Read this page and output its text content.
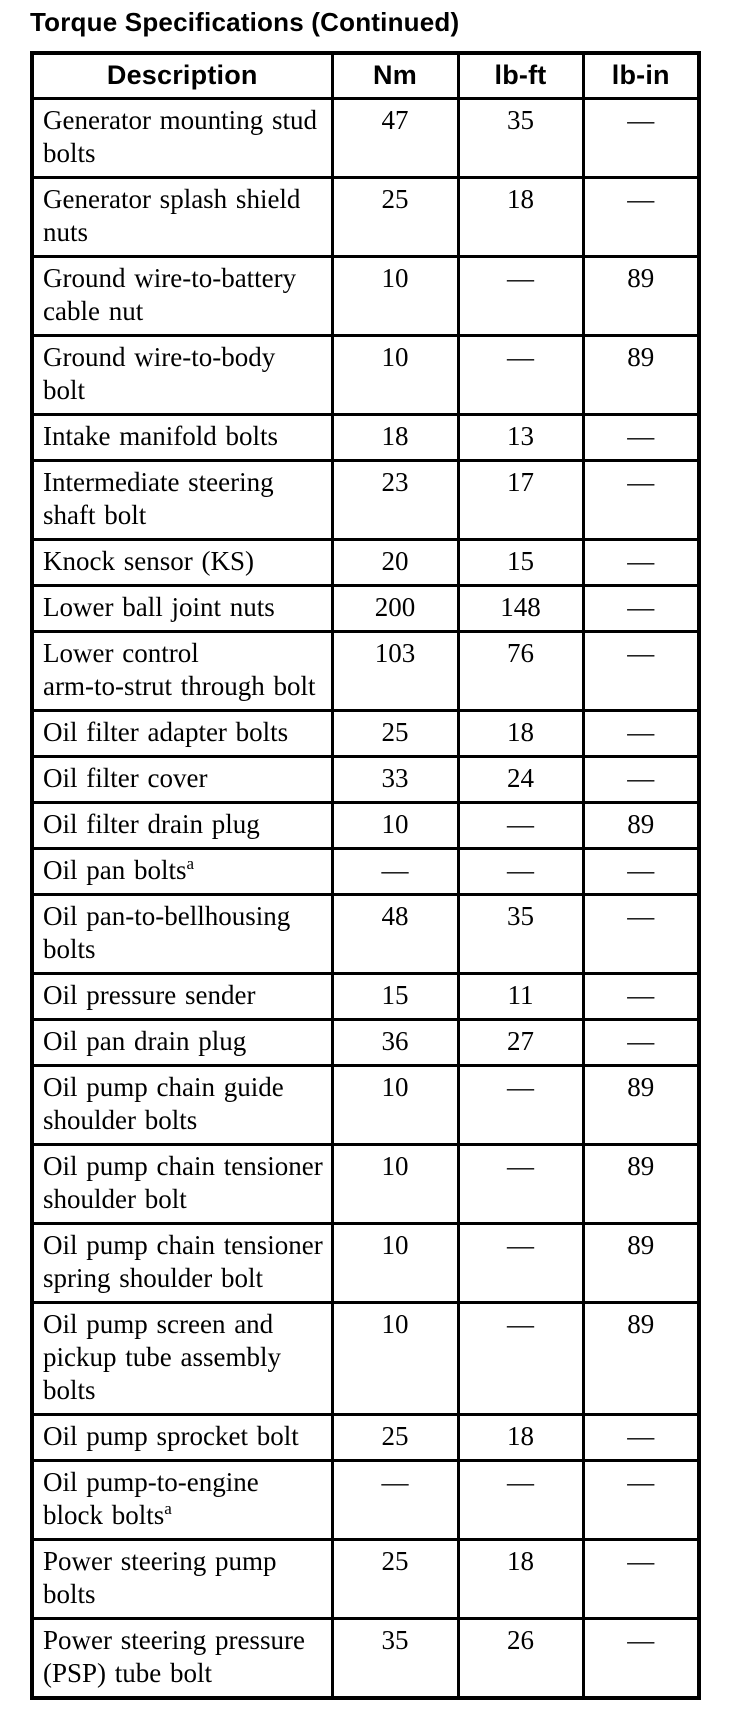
Torque Specifications (Continued)
Description	Nm	lb-ft	lb-in
Generator mounting stud bolts	47	35	—
Generator splash shield nuts	25	18	—
Ground wire‑to‑battery cable nut	10	—	89
Ground wire‑to‑body bolt	10	—	89
Intake manifold bolts	18	13	—
Intermediate steering shaft bolt	23	17	—
Knock sensor (KS)	20	15	—
Lower ball joint nuts	200	148	—
Lower control arm‑to‑strut through bolt	103	76	—
Oil filter adapter bolts	25	18	—
Oil filter cover	33	24	—
Oil filter drain plug	10	—	89
Oil pan bolts$^a$	—	—	—
Oil pan‑to‑bellhousing bolts	48	35	—
Oil pressure sender	15	11	—
Oil pan drain plug	36	27	—
Oil pump chain guide shoulder bolts	10	—	89
Oil pump chain tensioner shoulder bolt	10	—	89
Oil pump chain tensioner spring shoulder bolt	10	—	89
Oil pump screen and pickup tube assembly bolts	10	—	89
Oil pump sprocket bolt	25	18	—
Oil pump‑to‑engine block bolts$^a$	—	—	—
Power steering pump bolts	25	18	—
Power steering pressure (PSP) tube bolt	35	26	—
